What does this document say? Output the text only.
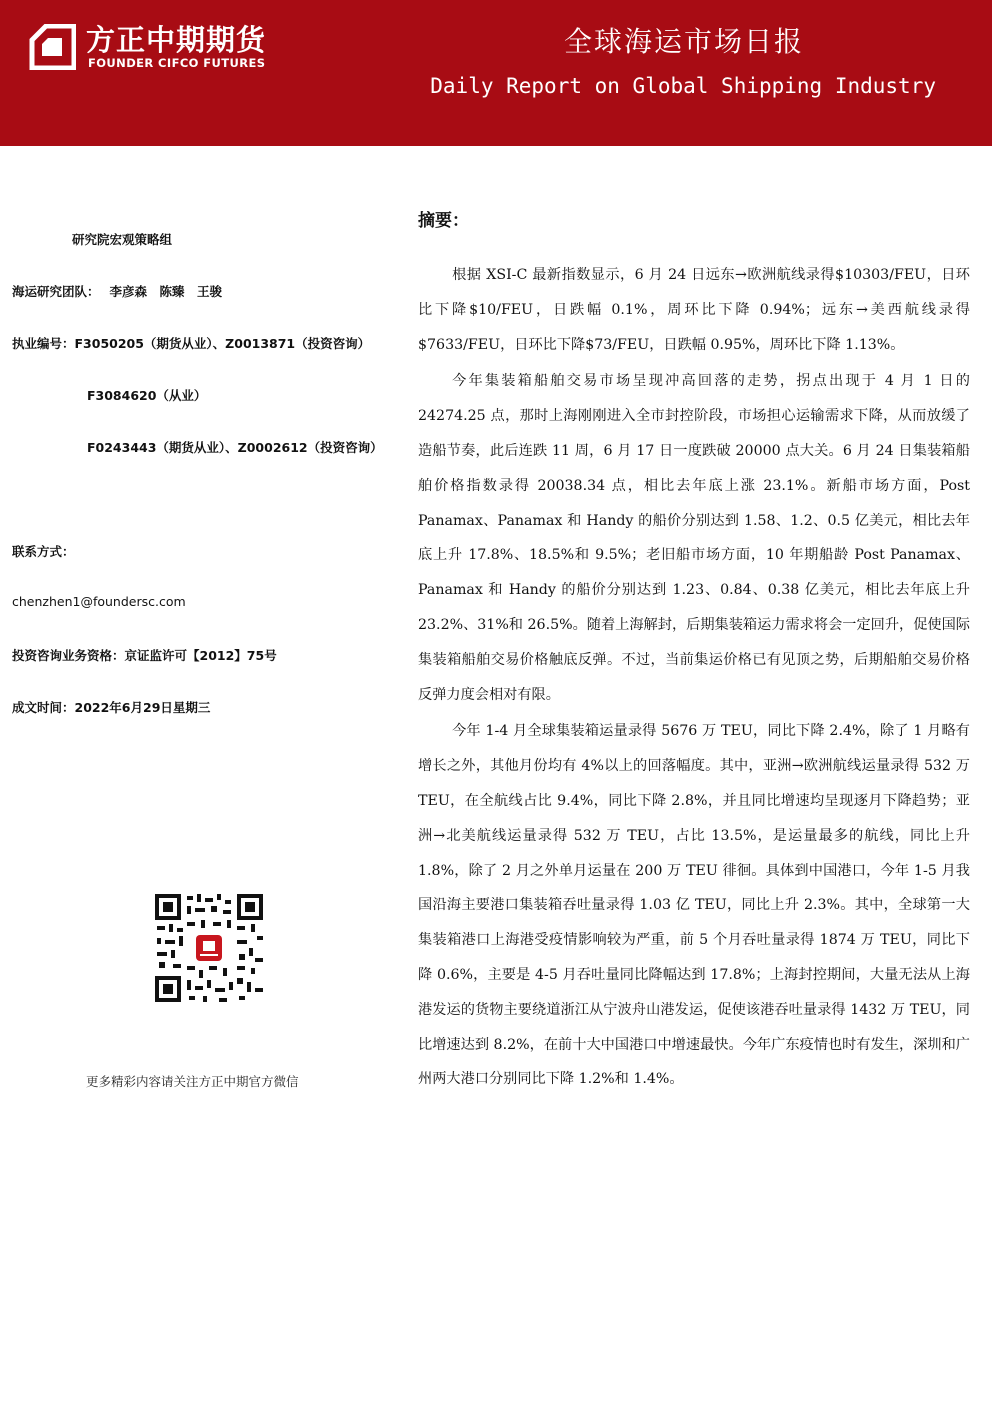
方正中期期货
FOUNDER CIFCO FUTURES
全球海运市场日报
Daily Report on Global Shipping Industry
研究院宏观策略组
海运研究团队： 李彦森　陈臻　王骏
执业编号：F3050205（期货从业）、Z0013871（投资咨询）
F3084620（从业）
F0243443（期货从业）、Z0002612（投资咨询）
联系方式：
chenzhen1@foundersc.com
投资咨询业务资格：京证监许可【2012】75号
成文时间：2022年6月29日星期三
更多精彩内容请关注方正中期官方微信
摘要：

根据 XSI-C 最新指数显示，6 月 24 日远东→欧洲航线录得$10303/FEU，日环比下降$10/FEU，日跌幅 0.1%，周环比下降 0.94%；远东→美西航线录得$7633/FEU，日环比下降$73/FEU，日跌幅 0.95%，周环比下降 1.13%。

今年集装箱船舶交易市场呈现冲高回落的走势，拐点出现于 4 月 1 日的 24274.25 点，那时上海刚刚进入全市封控阶段，市场担心运输需求下降，从而放缓了造船节奏，此后连跌 11 周，6 月 17 日一度跌破 20000 点大关。6 月 24 日集装箱船舶价格指数录得 20038.34 点，相比去年底上涨 23.1%。新船市场方面，Post Panamax、Panamax 和 Handy 的船价分别达到 1.58、1.2、0.5 亿美元，相比去年底上升 17.8%、18.5%和 9.5%；老旧船市场方面，10 年期船龄 Post Panamax、Panamax 和 Handy 的船价分别达到 1.23、0.84、0.38 亿美元，相比去年底上升 23.2%、31%和 26.5%。随着上海解封，后期集装箱运力需求将会一定回升，促使国际集装箱船舶交易价格触底反弹。不过，当前集运价格已有见顶之势，后期船舶交易价格反弹力度会相对有限。

今年 1-4 月全球集装箱运量录得 5676 万 TEU，同比下降 2.4%，除了 1 月略有增长之外，其他月份均有 4%以上的回落幅度。其中，亚洲→欧洲航线运量录得 532 万 TEU，在全航线占比 9.4%，同比下降 2.8%，并且同比增速均呈现逐月下降趋势；亚洲→北美航线运量录得 532 万 TEU，占比 13.5%，是运量最多的航线，同比上升 1.8%，除了 2 月之外单月运量在 200 万 TEU 徘徊。具体到中国港口，今年 1-5 月我国沿海主要港口集装箱吞吐量录得 1.03 亿 TEU，同比上升 2.3%。其中，全球第一大集装箱港口上海港受疫情影响较为严重，前 5 个月吞吐量录得 1874 万 TEU，同比下降 0.6%，主要是 4-5 月吞吐量同比降幅达到 17.8%；上海封控期间，大量无法从上海港发运的货物主要绕道浙江从宁波舟山港发运，促使该港吞吐量录得 1432 万 TEU，同比增速达到 8.2%，在前十大中国港口中增速最快。今年广东疫情也时有发生，深圳和广州两大港口分别同比下降 1.2%和 1.4%。
